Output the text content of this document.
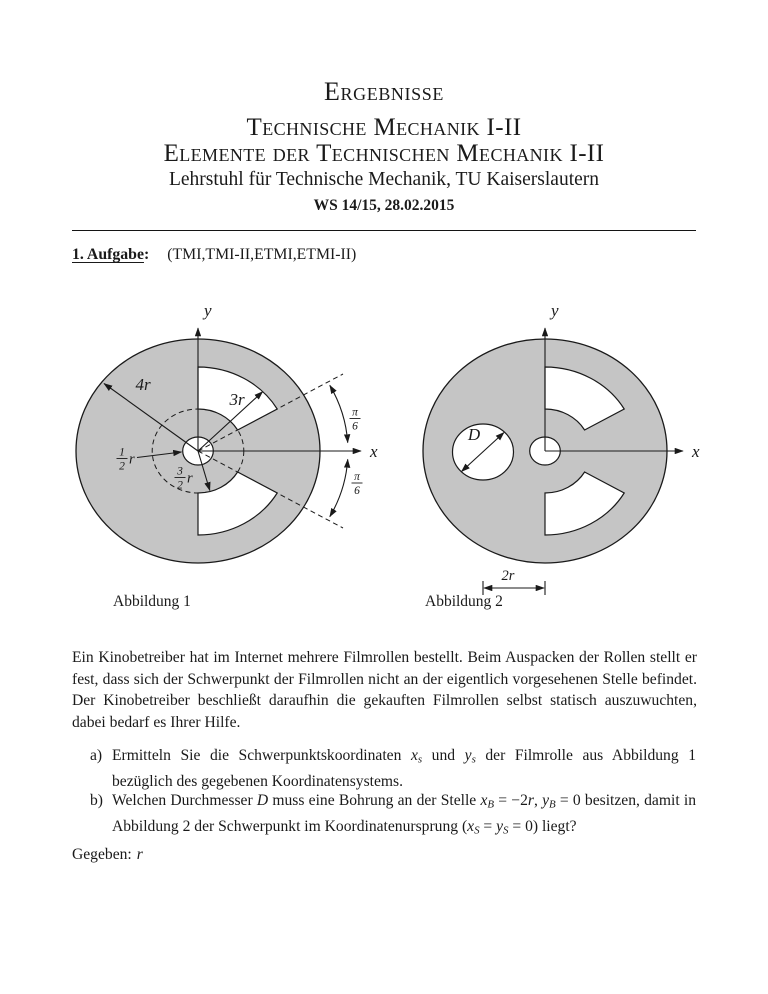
Ergebnisse
Technische Mechanik I-II
Elemente der Technischen Mechanik I-II
Lehrstuhl für Technische Mechanik, TU Kaiserslautern
WS 14/15, 28.02.2015
1. Aufgabe: (TMI,TMI-II,ETMI,ETMI-II)
y
x
4r
3r
1
2 r
3
2 r
π
6
π
6
y
x
D
2r
Abbildung 1	Abbildung 2
Ein Kinobetreiber hat im Internet mehrere Filmrollen bestellt. Beim Auspacken der Rollen stellt er fest, dass sich der Schwerpunkt der Filmrollen nicht an der eigentlich vorgesehenen Stelle befindet. Der Kinobetreiber beschließt daraufhin die gekauften Filmrollen selbst statisch auszuwuchten, dabei bedarf es Ihrer Hilfe.
a) Ermitteln Sie die Schwerpunktskoordinaten xs und ys der Filmrolle aus Abbildung 1 bezüglich des gegebenen Koordinatensystems.
b) Welchen Durchmesser D muss eine Bohrung an der Stelle xB = −2r, yB = 0 besitzen, damit in Abbildung 2 der Schwerpunkt im Koordinatenursprung (xS = yS = 0) liegt?
Gegeben: r
